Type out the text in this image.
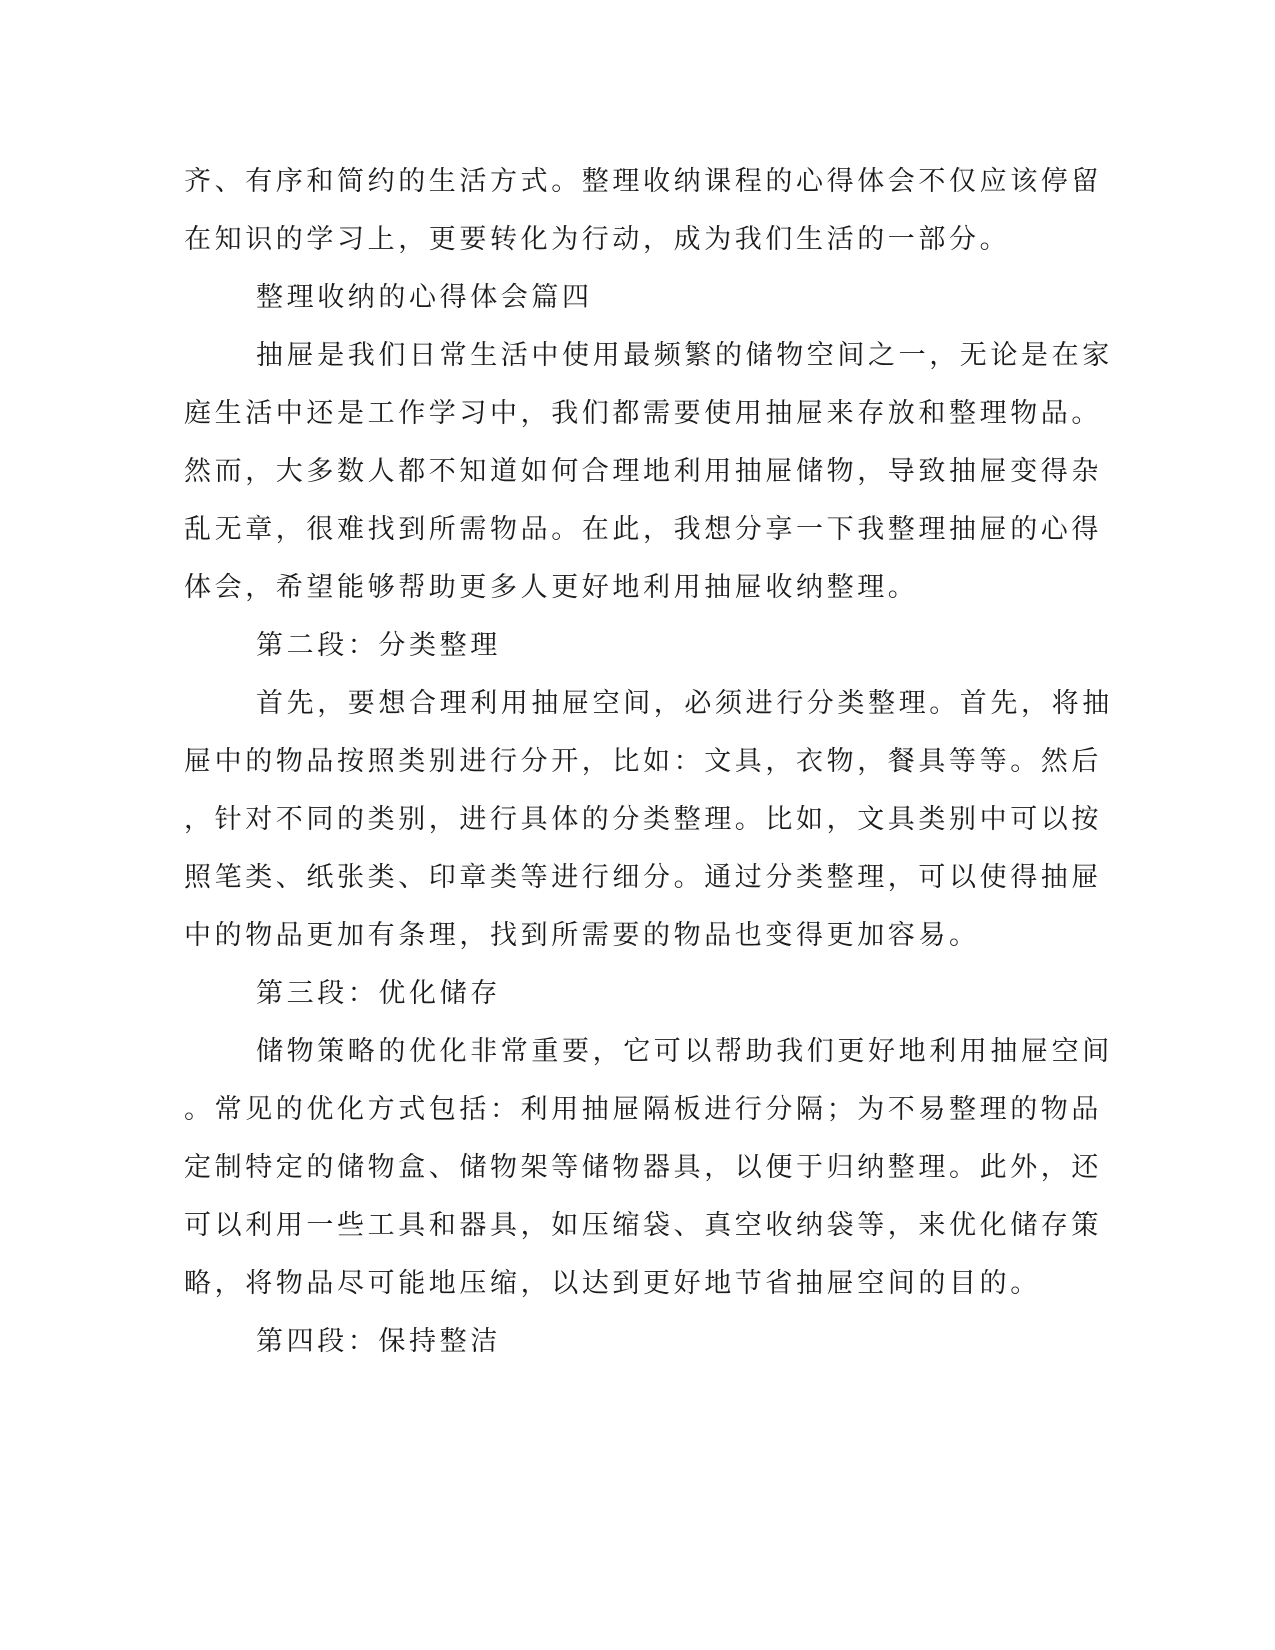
齐、有序和简约的生活方式。整理收纳课程的心得体会不仅应该停留
在知识的学习上，更要转化为行动，成为我们生活的一部分。
整理收纳的心得体会篇四
抽屉是我们日常生活中使用最频繁的储物空间之一，无论是在家
庭生活中还是工作学习中，我们都需要使用抽屉来存放和整理物品。
然而，大多数人都不知道如何合理地利用抽屉储物，导致抽屉变得杂
乱无章，很难找到所需物品。在此，我想分享一下我整理抽屉的心得
体会，希望能够帮助更多人更好地利用抽屉收纳整理。
第二段：分类整理
首先，要想合理利用抽屉空间，必须进行分类整理。首先，将抽
屉中的物品按照类别进行分开，比如：文具，衣物，餐具等等。然后
，针对不同的类别，进行具体的分类整理。比如，文具类别中可以按
照笔类、纸张类、印章类等进行细分。通过分类整理，可以使得抽屉
中的物品更加有条理，找到所需要的物品也变得更加容易。
第三段：优化储存
储物策略的优化非常重要，它可以帮助我们更好地利用抽屉空间
。常见的优化方式包括：利用抽屉隔板进行分隔；为不易整理的物品
定制特定的储物盒、储物架等储物器具，以便于归纳整理。此外，还
可以利用一些工具和器具，如压缩袋、真空收纳袋等，来优化储存策
略，将物品尽可能地压缩，以达到更好地节省抽屉空间的目的。
第四段：保持整洁
